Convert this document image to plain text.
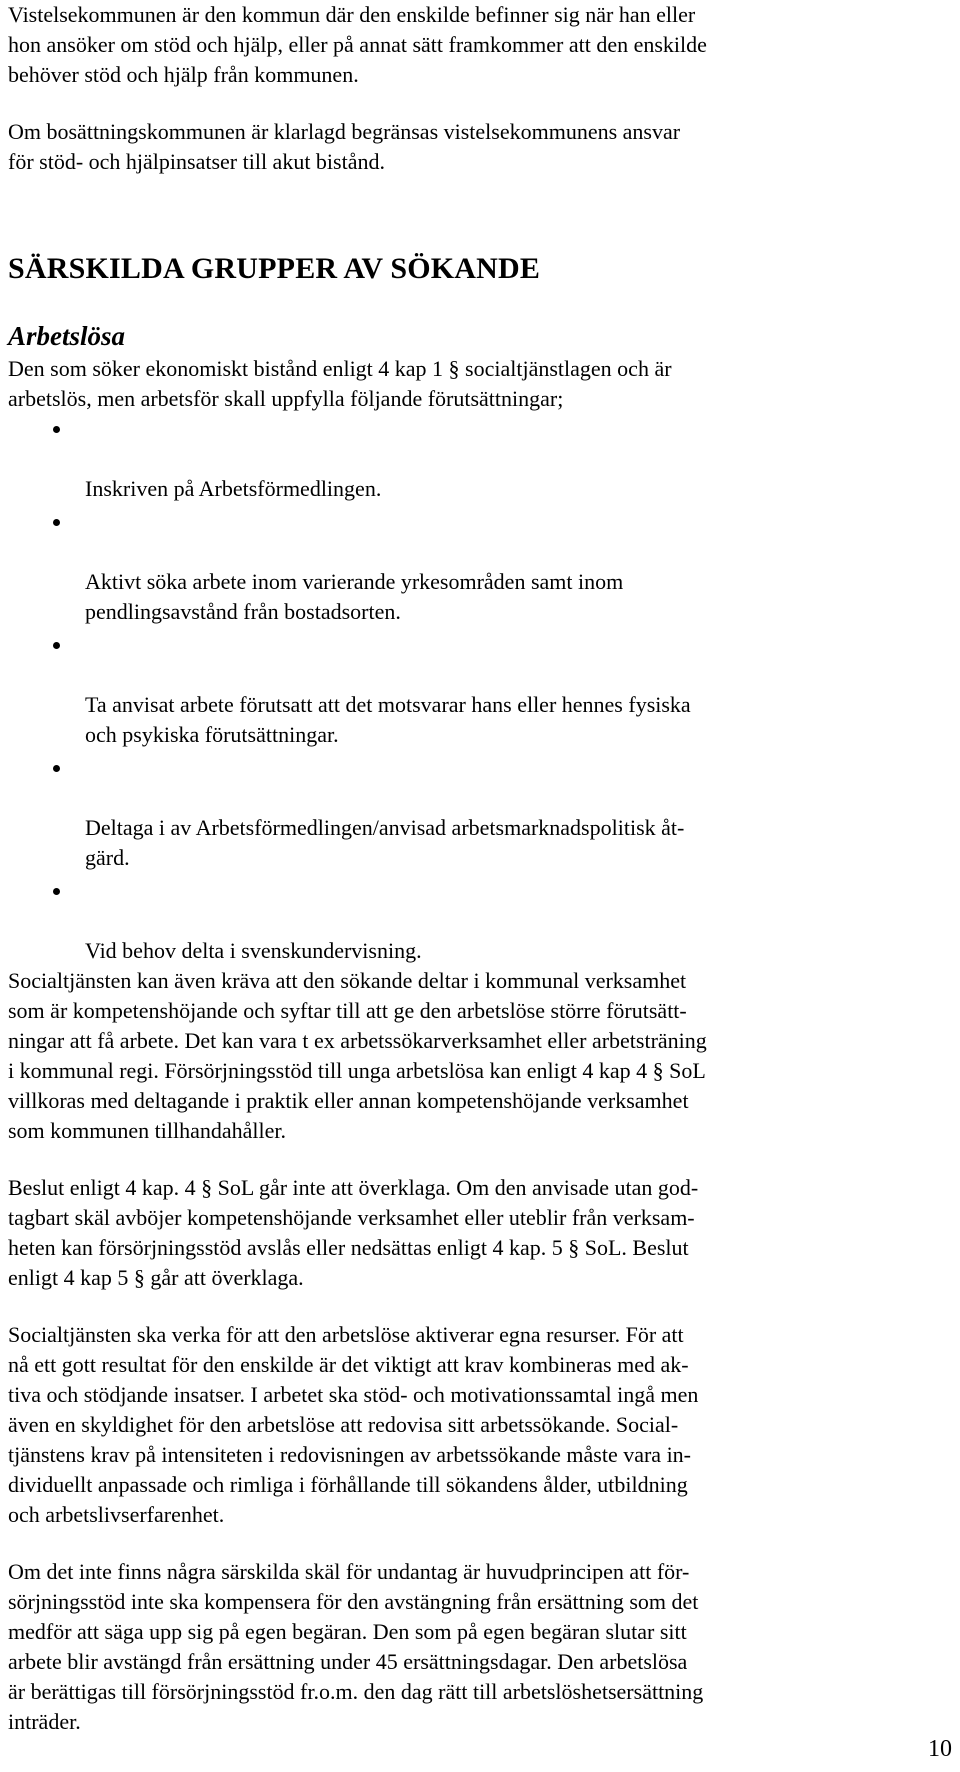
Vistelsekommunen är den kommun där den enskilde befinner sig när han eller
hon ansöker om stöd och hjälp, eller på annat sätt framkommer att den enskilde
behöver stöd och hjälp från kommunen.

Om bosättningskommunen är klarlagd begränsas vistelsekommunens ansvar
för stöd- och hjälpinsatser till akut bistånd.

SÄRSKILDA GRUPPER AV SÖKANDE
Arbetslösa

Den som söker ekonomiskt bistånd enligt 4 kap 1 § socialtjänstlagen och är
arbetslös, men arbetsför skall uppfylla följande förutsättningar;

Inskriven på Arbetsförmedlingen.

Aktivt söka arbete inom varierande yrkesområden samt inom
pendlingsavstånd från bostadsorten.

Ta anvisat arbete förutsatt att det motsvarar hans eller hennes fysiska
och psykiska förutsättningar.

Deltaga i av Arbetsförmedlingen/anvisad arbetsmarknadspolitisk åt-
gärd.

Vid behov delta i svenskundervisning.

Socialtjänsten kan även kräva att den sökande deltar i kommunal verksamhet
som är kompetenshöjande och syftar till att ge den arbetslöse större förutsätt-
ningar att få arbete. Det kan vara t ex arbetssökarverksamhet eller arbetsträning
i kommunal regi. Försörjningsstöd till unga arbetslösa kan enligt 4 kap 4 § SoL
villkoras med deltagande i praktik eller annan kompetenshöjande verksamhet
som kommunen tillhandahåller.

Beslut enligt 4 kap. 4 § SoL går inte att överklaga. Om den anvisade utan god-
tagbart skäl avböjer kompetenshöjande verksamhet eller uteblir från verksam-
heten kan försörjningsstöd avslås eller nedsättas enligt 4 kap. 5 § SoL. Beslut
enligt 4 kap 5 § går att överklaga.

Socialtjänsten ska verka för att den arbetslöse aktiverar egna resurser. För att
nå ett gott resultat för den enskilde är det viktigt att krav kombineras med ak-
tiva och stödjande insatser. I arbetet ska stöd- och motivationssamtal ingå men
även en skyldighet för den arbetslöse att redovisa sitt arbetssökande. Social-
tjänstens krav på intensiteten i redovisningen av arbetssökande måste vara in-
dividuellt anpassade och rimliga i förhållande till sökandens ålder, utbildning
och arbetslivserfarenhet.

Om det inte finns några särskilda skäl för undantag är huvudprincipen att för-
sörjningsstöd inte ska kompensera för den avstängning från ersättning som det
medför att säga upp sig på egen begäran. Den som på egen begäran slutar sitt
arbete blir avstängd från ersättning under 45 ersättningsdagar. Den arbetslösa
är berättigas till försörjningsstöd fr.o.m. den dag rätt till arbetslöshetsersättning
inträder.

10
